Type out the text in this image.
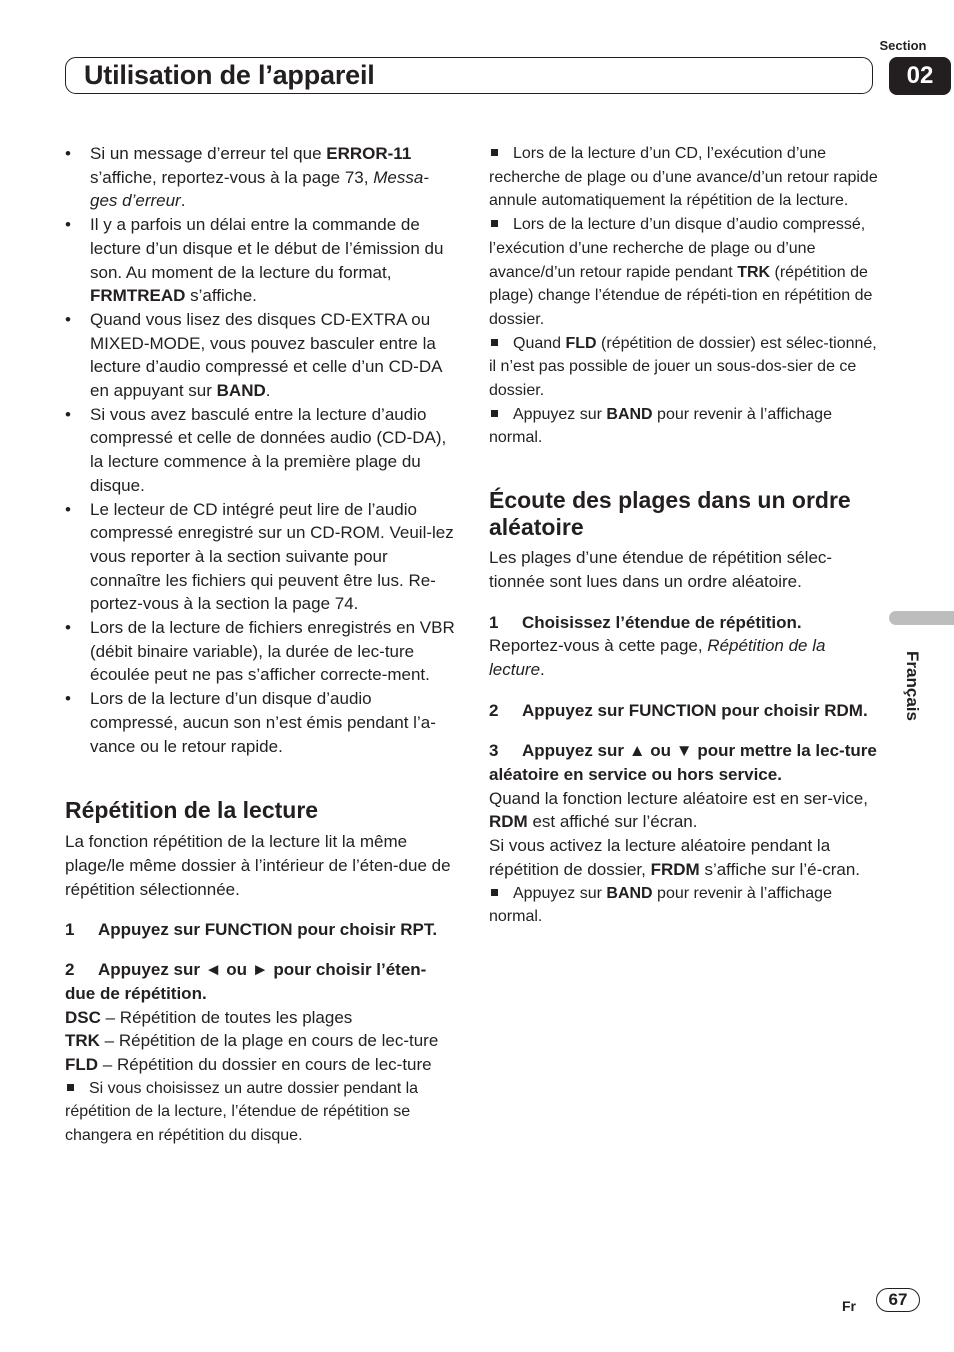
Section
02
Utilisation de l’appareil
• Si un message d’erreur tel que ERROR-11 s’affiche, reportez-vous à la page 73, Messa-ges d’erreur.
• Il y a parfois un délai entre la commande de lecture d’un disque et le début de l’émission du son. Au moment de la lecture du format, FRMTREAD s’affiche.
• Quand vous lisez des disques CD-EXTRA ou MIXED-MODE, vous pouvez basculer entre la lecture d’audio compressé et celle d’un CD-DA en appuyant sur BAND.
• Si vous avez basculé entre la lecture d’audio compressé et celle de données audio (CD-DA), la lecture commence à la première plage du disque.
• Le lecteur de CD intégré peut lire de l’audio compressé enregistré sur un CD-ROM. Veuil-lez vous reporter à la section suivante pour connaître les fichiers qui peuvent être lus. Re-portez-vous à la section la page 74.
• Lors de la lecture de fichiers enregistrés en VBR (débit binaire variable), la durée de lec-ture écoulée peut ne pas s’afficher correcte-ment.
• Lors de la lecture d’un disque d’audio compressé, aucun son n’est émis pendant l’a-vance ou le retour rapide.
Répétition de la lecture

La fonction répétition de la lecture lit la même plage/le même dossier à l’intérieur de l’éten-due de répétition sélectionnée.

1 Appuyez sur FUNCTION pour choisir RPT.

2 Appuyez sur ◄ ou ► pour choisir l’éten-due de répétition.

DSC – Répétition de toutes les plages

TRK – Répétition de la plage en cours de lec-ture

FLD – Répétition du dossier en cours de lec-ture

Si vous choisissez un autre dossier pendant la répétition de la lecture, l’étendue de répétition se changera en répétition du disque.

Lors de la lecture d’un CD, l’exécution d’une recherche de plage ou d’une avance/d’un retour rapide annule automatiquement la répétition de la lecture.

Lors de la lecture d’un disque d’audio compressé, l’exécution d’une recherche de plage ou d’une avance/d’un retour rapide pendant TRK (répétition de plage) change l’étendue de répéti-tion en répétition de dossier.

Quand FLD (répétition de dossier) est sélec-tionné, il n’est pas possible de jouer un sous-dos-sier de ce dossier.

Appuyez sur BAND pour revenir à l’affichage normal.

Écoute des plages dans un ordre aléatoire

Les plages d’une étendue de répétition sélec-tionnée sont lues dans un ordre aléatoire.

1 Choisissez l’étendue de répétition.

Reportez-vous à cette page, Répétition de la lecture.

2 Appuyez sur FUNCTION pour choisir RDM.

3 Appuyez sur ▲ ou ▼ pour mettre la lec-ture aléatoire en service ou hors service.

Quand la fonction lecture aléatoire est en ser-vice, RDM est affiché sur l’écran.

Si vous activez la lecture aléatoire pendant la répétition de dossier, FRDM s’affiche sur l’é-cran.

Appuyez sur BAND pour revenir à l’affichage normal.

Français
Fr	67
